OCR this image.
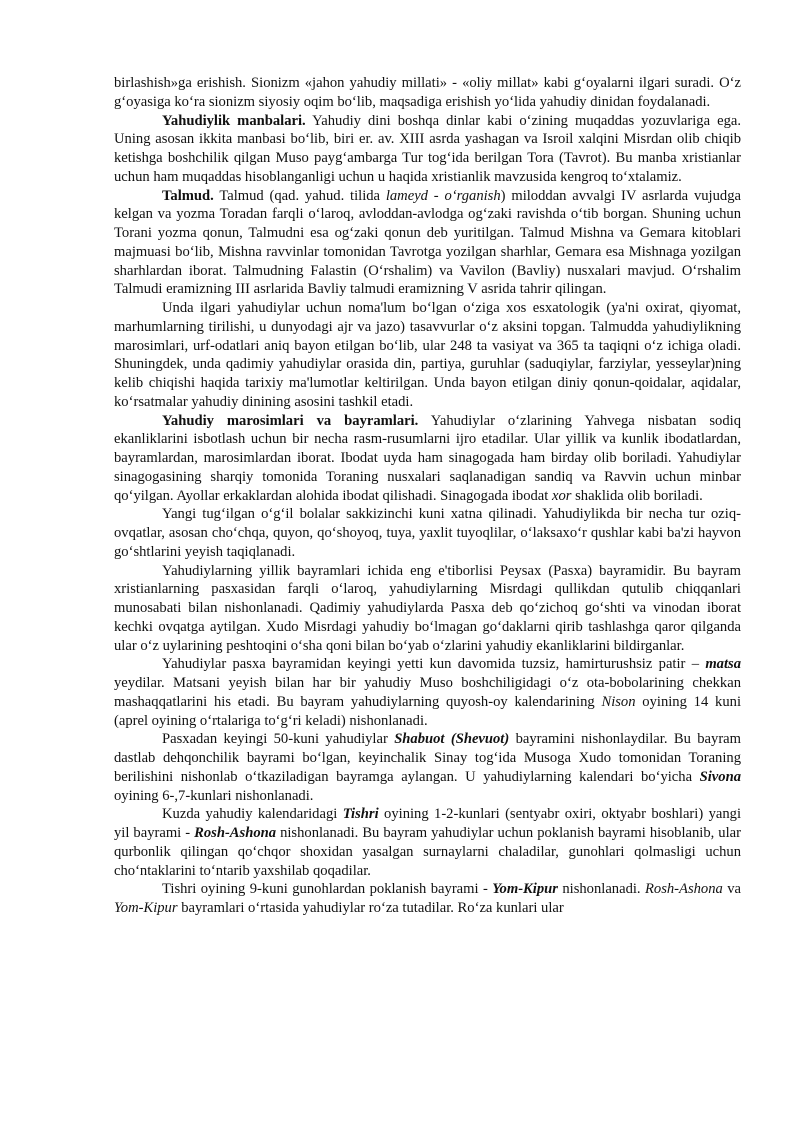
birlashish»ga erishish. Sionizm «jahon yahudiy millati» - «oliy millat» kabi g‘oyalarni ilgari suradi. O‘z g‘oyasiga ko‘ra sionizm siyosiy oqim bo‘lib, maqsadiga erishish yo‘lida yahudiy dinidan foydalanadi.

Yahudiylik manbalari. Yahudiy dini boshqa dinlar kabi o‘zining muqaddas yozuvlariga ega. Uning asosan ikkita manbasi bo‘lib, biri er. av. XIII asrda yashagan va Isroil xalqini Misrdan olib chiqib ketishga boshchilik qilgan Muso payg‘ambarga Tur tog‘ida berilgan Tora (Tavrot). Bu manba xristianlar uchun ham muqaddas hisoblanganligi uchun u haqida xristianlik mavzusida kengroq to‘xtalamiz.

Talmud. Talmud (qad. yahud. tilida lameyd - o‘rganish) miloddan avvalgi IV asrlarda vujudga kelgan va yozma Toradan farqli o‘laroq, avloddan-avlodga og‘zaki ravishda o‘tib borgan. Shuning uchun Torani yozma qonun, Talmudni esa og‘zaki qonun deb yuritilgan. Talmud Mishna va Gemara kitoblari majmuasi bo‘lib, Mishna ravvinlar tomonidan Tavrotga yozilgan sharhlar, Gemara esa Mishnaga yozilgan sharhlardan iborat. Talmudning Falastin (O‘rshalim) va Vavilon (Bavliy) nusxalari mavjud. O‘rshalim Talmudi eramizning III asrlarida Bavliy talmudi eramizning V asrida tahrir qilingan.

Unda ilgari yahudiylar uchun noma'lum bo‘lgan o‘ziga xos esxatologik (ya'ni oxirat, qiyomat, marhumlarning tirilishi, u dunyodagi ajr va jazo) tasavvurlar o‘z aksini topgan. Talmudda yahudiylikning marosimlari, urf-odatlari aniq bayon etilgan bo‘lib, ular 248 ta vasiyat va 365 ta taqiqni o‘z ichiga oladi. Shuningdek, unda qadimiy yahudiylar orasida din, partiya, guruhlar (saduqiylar, farziylar, yesseylar)ning kelib chiqishi haqida tarixiy ma'lumotlar keltirilgan. Unda bayon etilgan diniy qonun-qoidalar, aqidalar, ko‘rsatmalar yahudiy dinining asosini tashkil etadi.

Yahudiy marosimlari va bayramlari. Yahudiylar o‘zlarining Yahvega nisbatan sodiq ekanliklarini isbotlash uchun bir necha rasm-rusumlarni ijro etadilar. Ular yillik va kunlik ibodatlardan, bayramlardan, marosimlardan iborat. Ibodat uyda ham sinagogada ham birday olib boriladi. Yahudiylar sinagogasining sharqiy tomonida Toraning nusxalari saqlanadigan sandiq va Ravvin uchun minbar qo‘yilgan. Ayollar erkaklardan alohida ibodat qilishadi. Sinagogada ibodat xor shaklida olib boriladi.

Yangi tug‘ilgan o‘g‘il bolalar sakkizinchi kuni xatna qilinadi. Yahudiylikda bir necha tur oziq-ovqatlar, asosan cho‘chqa, quyon, qo‘shoyoq, tuya, yaxlit tuyoqlilar, o‘laksaxo‘r qushlar kabi ba'zi hayvon go‘shtlarini yeyish taqiqlanadi.

Yahudiylarning yillik bayramlari ichida eng e'tiborlisi Peysax (Pasxa) bayramidir. Bu bayram xristianlarning pasxasidan farqli o‘laroq, yahudiylarning Misrdagi qullikdan qutulib chiqqanlari munosabati bilan nishonlanadi. Qadimiy yahudiylarda Pasxa deb qo‘zichoq go‘shti va vinodan iborat kechki ovqatga aytilgan. Xudo Misrdagi yahudiy bo‘lmagan go‘daklarni qirib tashlashga qaror qilganda ular o‘z uylarining peshtoqini o‘sha qoni bilan bo‘yab o‘zlarini yahudiy ekanliklarini bildirganlar.

Yahudiylar pasxa bayramidan keyingi yetti kun davomida tuzsiz, hamirturushsiz patir – matsa yeydilar. Matsani yeyish bilan har bir yahudiy Muso boshchiligidagi o‘z ota-bobolarining chekkan mashaqqatlarini his etadi. Bu bayram yahudiylarning quyosh-oy kalendarining Nison oyining 14 kuni (aprel oyining o‘rtalariga to‘g‘ri keladi) nishonlanadi.

Pasxadan keyingi 50-kuni yahudiylar Shabuot (Shevuot) bayramini nishonlaydilar. Bu bayram dastlab dehqonchilik bayrami bo‘lgan, keyinchalik Sinay tog‘ida Musoga Xudo tomonidan Toraning berilishini nishonlab o‘tkaziladigan bayramga aylangan. U yahudiylarning kalendari bo‘yicha Sivona oyining 6-,7-kunlari nishonlanadi.

Kuzda yahudiy kalendaridagi Tishri oyining 1-2-kunlari (sentyabr oxiri, oktyabr boshlari) yangi yil bayrami - Rosh-Ashona nishonlanadi. Bu bayram yahudiylar uchun poklanish bayrami hisoblanib, ular qurbonlik qilingan qo‘chqor shoxidan yasalgan surnaylarni chaladilar, gunohlari qolmasligi uchun cho‘ntaklarini to‘ntarib yaxshilab qoqadilar.

Tishri oyining 9-kuni gunohlardan poklanish bayrami - Yom-Kipur nishonlanadi. Rosh-Ashona va Yom-Kipur bayramlari o‘rtasida yahudiylar ro‘za tutadilar. Ro‘za kunlari ular
